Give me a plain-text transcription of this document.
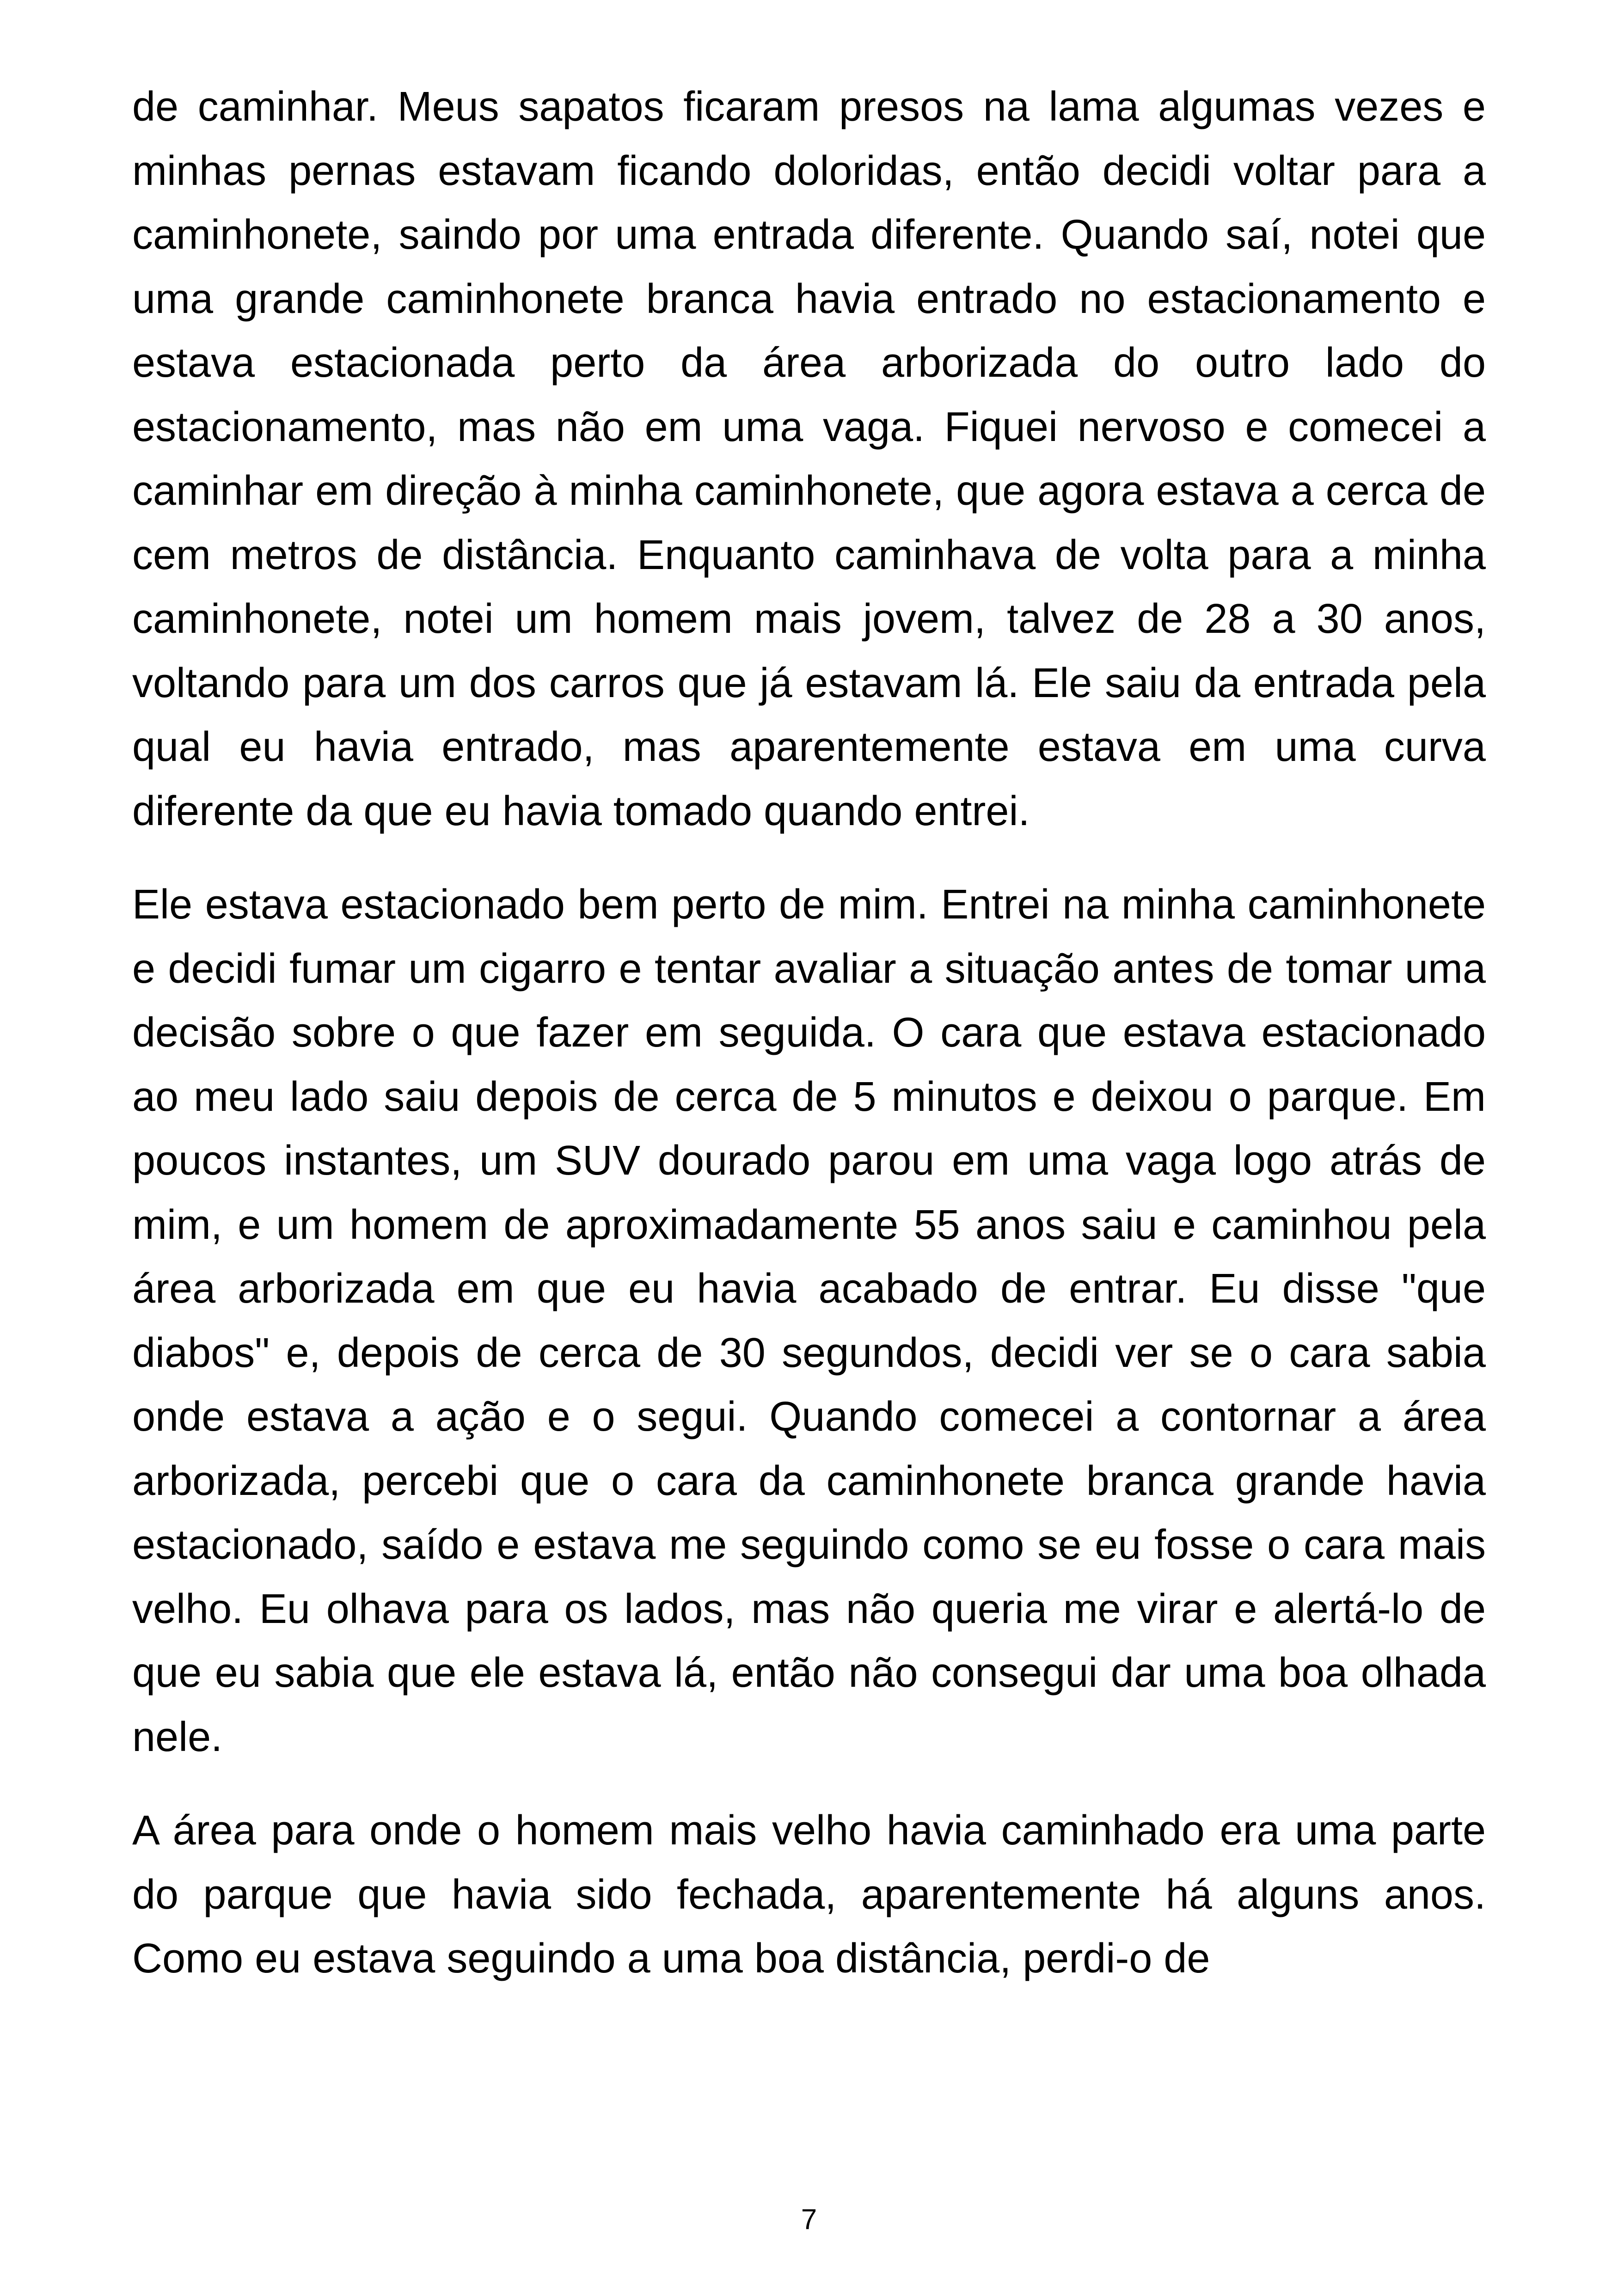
de caminhar. Meus sapatos ficaram presos na lama algumas vezes e minhas pernas estavam ficando doloridas, então decidi voltar para a caminhonete, saindo por uma entrada diferente. Quando saí, notei que uma grande caminhonete branca havia entrado no estacionamento e estava estacionada perto da área arborizada do outro lado do estacionamento, mas não em uma vaga. Fiquei nervoso e comecei a caminhar em direção à minha caminhonete, que agora estava a cerca de cem metros de distância. Enquanto caminhava de volta para a minha caminhonete, notei um homem mais jovem, talvez de 28 a 30 anos, voltando para um dos carros que já estavam lá. Ele saiu da entrada pela qual eu havia entrado, mas aparentemente estava em uma curva diferente da que eu havia tomado quando entrei.

Ele estava estacionado bem perto de mim. Entrei na minha caminhonete e decidi fumar um cigarro e tentar avaliar a situação antes de tomar uma decisão sobre o que fazer em seguida. O cara que estava estacionado ao meu lado saiu depois de cerca de 5 minutos e deixou o parque. Em poucos instantes, um SUV dourado parou em uma vaga logo atrás de mim, e um homem de aproximadamente 55 anos saiu e caminhou pela área arborizada em que eu havia acabado de entrar. Eu disse "que diabos" e, depois de cerca de 30 segundos, decidi ver se o cara sabia onde estava a ação e o segui. Quando comecei a contornar a área arborizada, percebi que o cara da caminhonete branca grande havia estacionado, saído e estava me seguindo como se eu fosse o cara mais velho. Eu olhava para os lados, mas não queria me virar e alertá-lo de que eu sabia que ele estava lá, então não consegui dar uma boa olhada nele.

A área para onde o homem mais velho havia caminhado era uma parte do parque que havia sido fechada, aparentemente há alguns anos. Como eu estava seguindo a uma boa distância, perdi-o de

7
